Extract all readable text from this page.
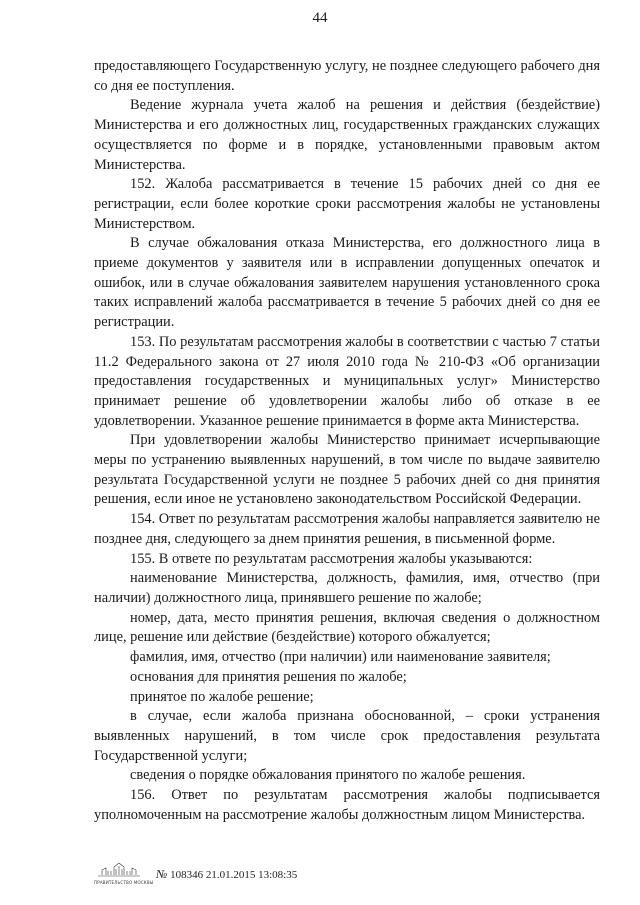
44

предоставляющего Государственную услугу, не позднее следующего рабочего дня со дня ее поступления.

Ведение журнала учета жалоб на решения и действия (бездействие) Министерства и его должностных лиц, государственных гражданских служащих осуществляется по форме и в порядке, установленными правовым актом Министерства.

152. Жалоба рассматривается в течение 15 рабочих дней со дня ее регистрации, если более короткие сроки рассмотрения жалобы не установлены Министерством.

В случае обжалования отказа Министерства, его должностного лица в приеме документов у заявителя или в исправлении допущенных опечаток и ошибок, или в случае обжалования заявителем нарушения установленного срока таких исправлений жалоба рассматривается в течение 5 рабочих дней со дня ее регистрации.

153. По результатам рассмотрения жалобы в соответствии с частью 7 статьи 11.2 Федерального закона от 27 июля 2010 года № 210-ФЗ «Об организации предоставления государственных и муниципальных услуг» Министерство принимает решение об удовлетворении жалобы либо об отказе в ее удовлетворении. Указанное решение принимается в форме акта Министерства.

При удовлетворении жалобы Министерство принимает исчерпывающие меры по устранению выявленных нарушений, в том числе по выдаче заявителю результата Государственной услуги не позднее 5 рабочих дней со дня принятия решения, если иное не установлено законодательством Российской Федерации.

154. Ответ по результатам рассмотрения жалобы направляется заявителю не позднее дня, следующего за днем принятия решения, в письменной форме.

155. В ответе по результатам рассмотрения жалобы указываются:

наименование Министерства, должность, фамилия, имя, отчество (при наличии) должностного лица, принявшего решение по жалобе;

номер, дата, место принятия решения, включая сведения о должностном лице, решение или действие (бездействие) которого обжалуется;

фамилия, имя, отчество (при наличии) или наименование заявителя;

основания для принятия решения по жалобе;

принятое по жалобе решение;

в случае, если жалоба признана обоснованной, – сроки устранения выявленных нарушений, в том числе срок предоставления результата Государственной услуги;

сведения о порядке обжалования принятого по жалобе решения.

156. Ответ по результатам рассмотрения жалобы подписывается уполномоченным на рассмотрение жалобы должностным лицом Министерства.

ПРАВИТЕЛЬСТВО МОСКВЫ
№ 108346 21.01.2015 13:08:35
